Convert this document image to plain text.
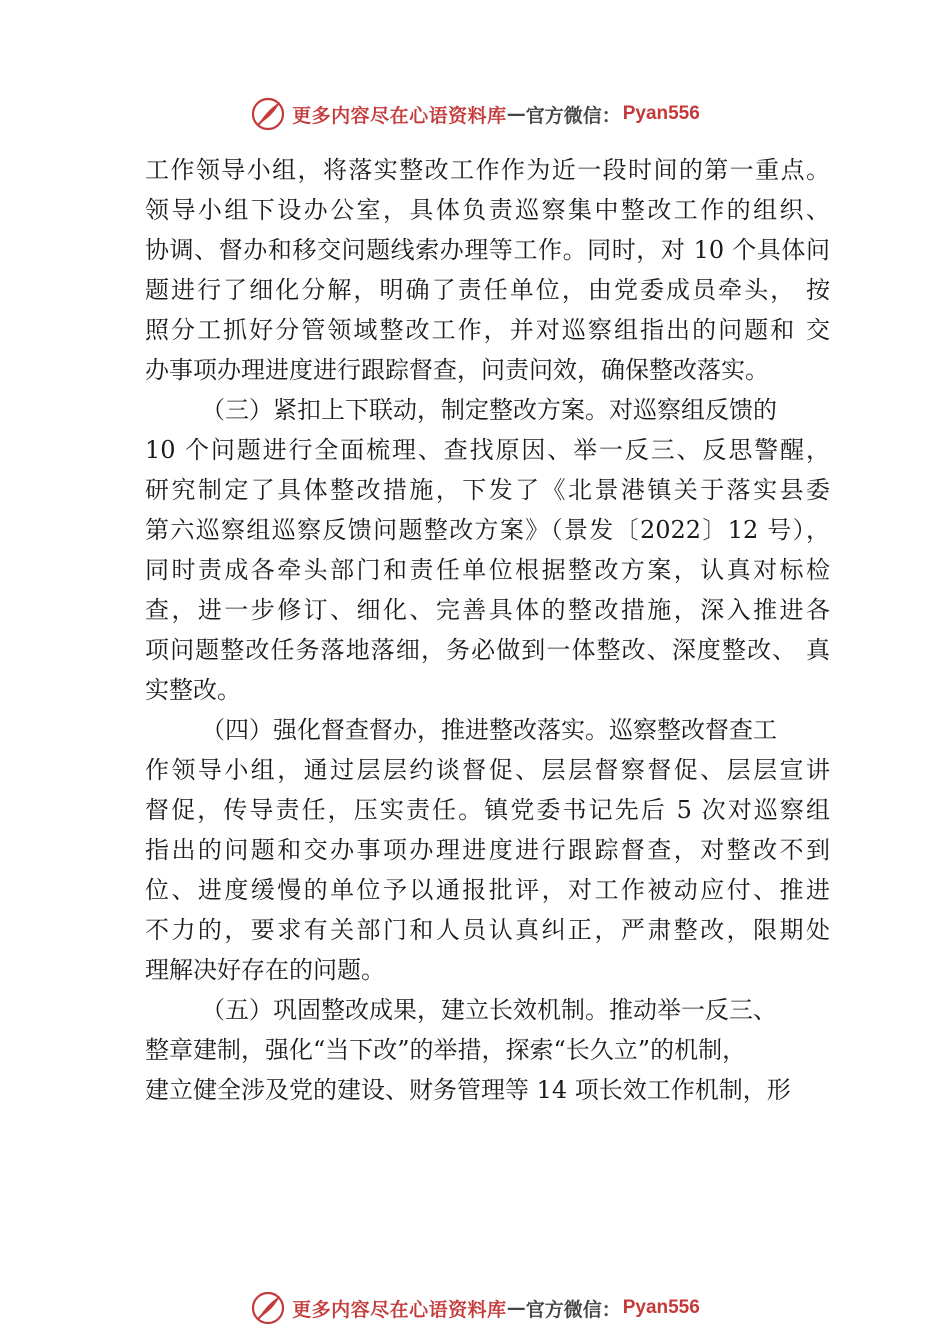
更多内容尽在心语资料库 — 官方微信： Pyan556
工作领导小组，将落实整改工作作为近一段时间的第一重点。
领导小组下设办公室，具体负责巡察集中整改工作的组织、
协调、督办和移交问题线索办理等工作。同时，对 10 个具体问
题进行了细化分解，明确了责任单位，由党委成员牵头， 按
照分工抓好分管领域整改工作，并对巡察组指出的问题和 交
办事项办理进度进行跟踪督查，问责问效，确保整改落实。
（三）紧扣上下联动，制定整改方案。对巡察组反馈的
10 个问题进行全面梳理、查找原因、举一反三、反思警醒，
研究制定了具体整改措施，下发了《北景港镇关于落实县委
第六巡察组巡察反馈问题整改方案》（景发〔2022〕12 号），
同时责成各牵头部门和责任单位根据整改方案，认真对标检
查，进一步修订、细化、完善具体的整改措施，深入推进各
项问题整改任务落地落细，务必做到一体整改、深度整改、 真
实整改。
（四）强化督查督办，推进整改落实。巡察整改督查工
作领导小组，通过层层约谈督促、层层督察督促、层层宣讲
督促，传导责任，压实责任。镇党委书记先后 5 次对巡察组
指出的问题和交办事项办理进度进行跟踪督查，对整改不到
位、进度缓慢的单位予以通报批评，对工作被动应付、推进
不力的，要求有关部门和人员认真纠正，严肃整改，限期处
理解决好存在的问题。
（五）巩固整改成果，建立长效机制。推动举一反三、
整章建制，强化“当下改”的举措，探索“长久立”的机制，
建立健全涉及党的建设、财务管理等 14 项长效工作机制，形
更多内容尽在心语资料库 — 官方微信： Pyan556
